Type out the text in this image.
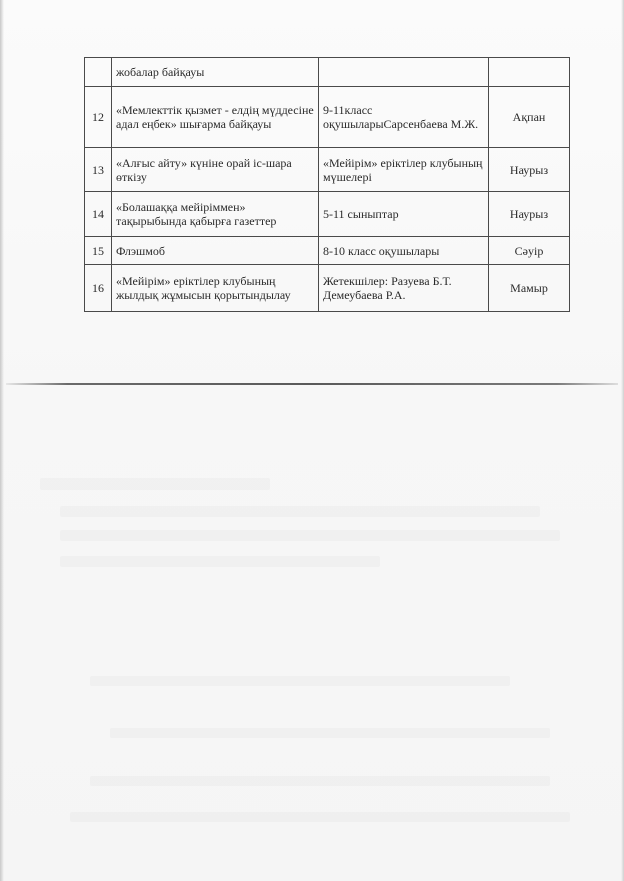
	жобалар байқауы		
12	«Мемлекттік қызмет - елдің мүддесіне адал еңбек» шығарма байқауы	9-11класс оқушыларыСарсенбаева М.Ж.	Ақпан
13	«Алғыс айту» күніне орай іс-шара өткізу	«Мейірім» еріктілер клубының мүшелері	Наурыз
14	«Болашаққа мейіріммен» тақырыбында қабырға газеттер	5-11 сыныптар	Наурыз
15	Флэшмоб	8-10 класс оқушылары	Сәуір
16	«Мейірім» еріктілер клубының жылдық жұмысын қорытындылау	Жетекшілер: Разуева Б.Т. Демеубаева Р.А.	Мамыр
